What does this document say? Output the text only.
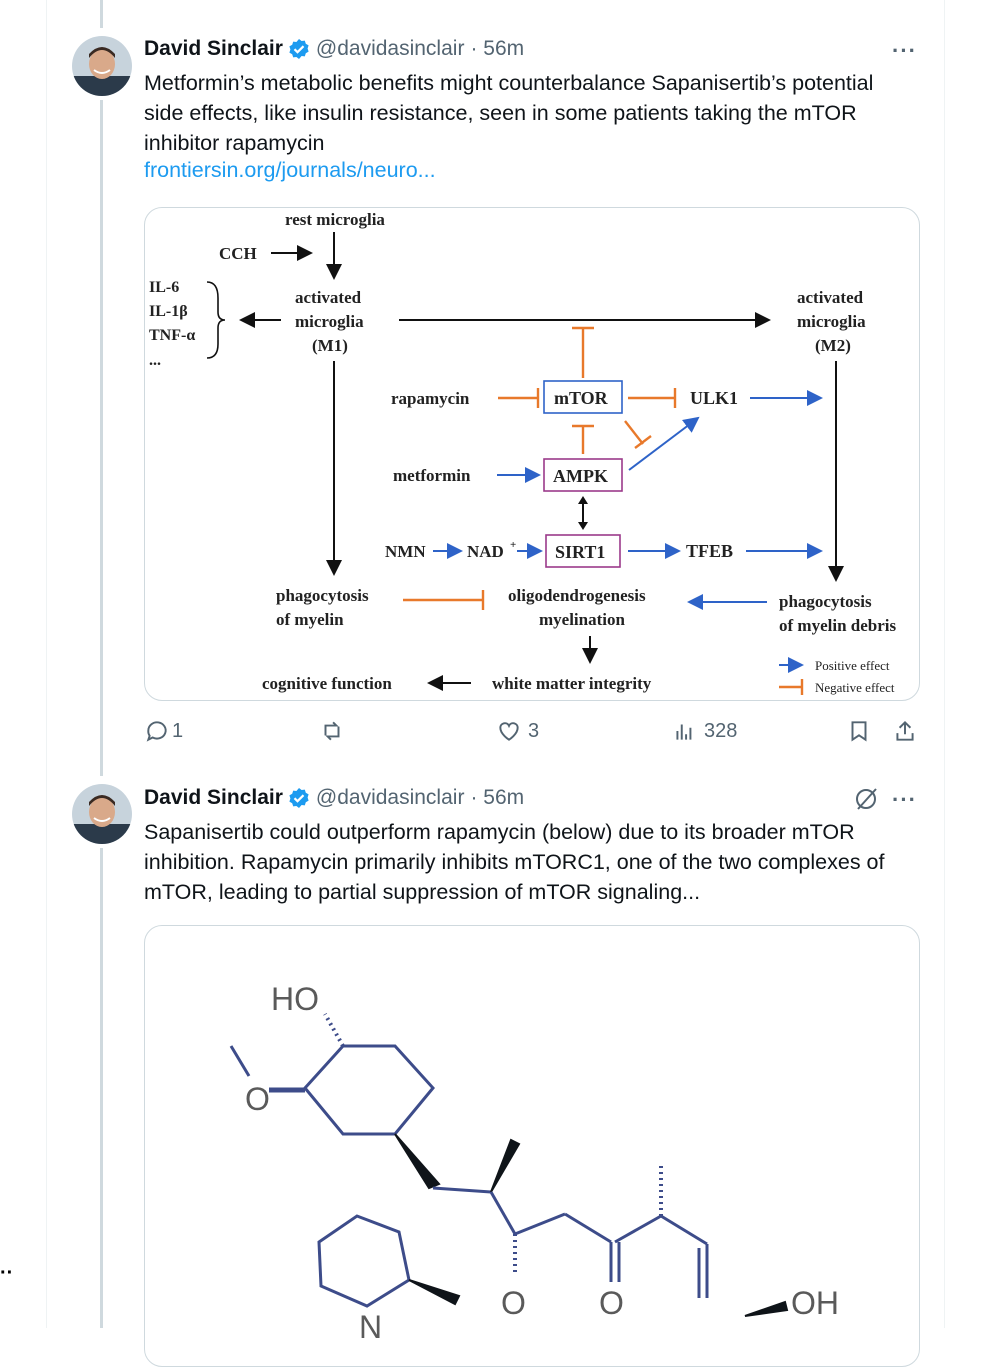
··
David Sinclair @davidasinclair · 56m	···
Metformin’s metabolic benefits might counterbalance Sapanisertib’s potential side effects, like insulin resistance, seen in some patients taking the mTOR inhibitor rapamycin
frontiersin.org/journals/neuro...
rest microglia
CCH
IL-6
IL-1β
TNF-α
...
activated
microglia
(M1)
activated
microglia
(M2)
rapamycin	mTOR	ULK1
metformin	AMPK
NMN NAD + SIRT1	TFEB
phagocytosis
of myelin
oligodendrogenesis
myelination
phagocytosis
of myelin debris
cognitive function	white matter integrity
Positive effect
Negative effect
1	3	328
David Sinclair @davidasinclair · 56m	···
Sapanisertib could outperform rapamycin (below) due to its broader mTOR inhibition. Rapamycin primarily inhibits mTORC1, one of the two complexes of mTOR, leading to partial suppression of mTOR signaling...
HO
O
O O	OH
N
